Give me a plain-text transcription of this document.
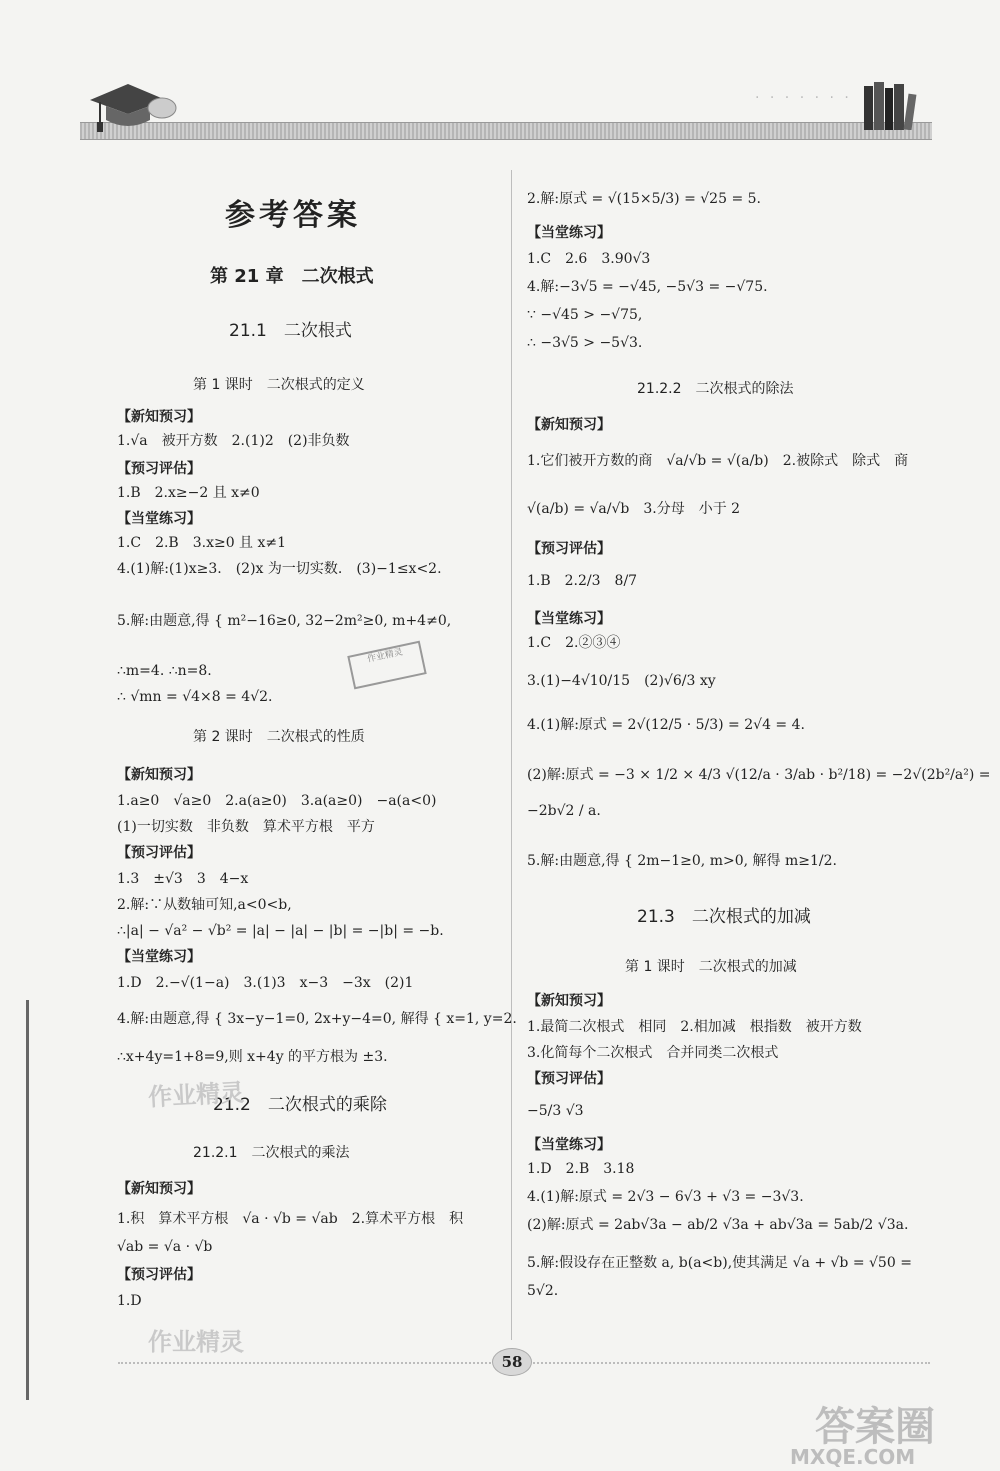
· · · · · · ·
参考答案
第 21 章　二次根式
21.1　二次根式
第 1 课时　二次根式的定义
【新知预习】
1.√a　被开方数　2.(1)2　(2)非负数
【预习评估】
1.B　2.x≥−2 且 x≠0
【当堂练习】
1.C　2.B　3.x≥0 且 x≠1
4.(1)解:(1)x≥3.　(2)x 为一切实数.　(3)−1≤x<2.
5.解:由题意,得 { m²−16≥0, 32−2m²≥0, m+4≠0,
∴m=4. ∴n=8.
∴ √mn = √4×8 = 4√2.
第 2 课时　二次根式的性质
【新知预习】
1.a≥0　√a≥0　2.a(a≥0)　3.a(a≥0)　−a(a<0)
(1)一切实数　非负数　算术平方根　平方
【预习评估】
1.3　±√3　3　4−x
2.解:∵从数轴可知,a<0<b,
∴|a| − √a² − √b² = |a| − |a| − |b| = −|b| = −b.
【当堂练习】
1.D　2.−√(1−a)　3.(1)3　x−3　−3x　(2)1
4.解:由题意,得 { 3x−y−1=0, 2x+y−4=0, 解得 { x=1, y=2.
∴x+4y=1+8=9,则 x+4y 的平方根为 ±3.
21.2　二次根式的乘除
21.2.1　二次根式的乘法
【新知预习】
1.积　算术平方根　√a · √b = √ab　2.算术平方根　积
√ab = √a · √b
【预习评估】
1.D
2.解:原式 = √(15×5/3) = √25 = 5.
【当堂练习】
1.C　2.6　3.90√3
4.解:−3√5 = −√45, −5√3 = −√75.
∵ −√45 > −√75,
∴ −3√5 > −5√3.
21.2.2　二次根式的除法
【新知预习】
1.它们被开方数的商　√a/√b = √(a/b)　2.被除式　除式　商
√(a/b) = √a/√b　3.分母　小于 2
【预习评估】
1.B　2.2/3　8/7
【当堂练习】
1.C　2.②③④
3.(1)−4√10/15　(2)√6/3 xy
4.(1)解:原式 = 2√(12/5 · 5/3) = 2√4 = 4.
(2)解:原式 = −3 × 1/2 × 4/3 √(12/a · 3/ab · b²/18) = −2√(2b²/a²) =
−2b√2 / a.
5.解:由题意,得 { 2m−1≥0, m>0, 解得 m≥1/2.
21.3　二次根式的加减
第 1 课时　二次根式的加减
【新知预习】
1.最简二次根式　相同　2.相加减　根指数　被开方数
3.化简每个二次根式　合并同类二次根式
【预习评估】
−5/3 √3
【当堂练习】
1.D　2.B　3.18
4.(1)解:原式 = 2√3 − 6√3 + √3 = −3√3.
(2)解:原式 = 2ab√3a − ab/2 √3a + ab√3a = 5ab/2 √3a.
5.解:假设存在正整数 a, b(a<b),使其满足 √a + √b = √50 =
5√2.
作业精灵
作业精灵
作业精灵
答案圈
MXQE.COM
58
